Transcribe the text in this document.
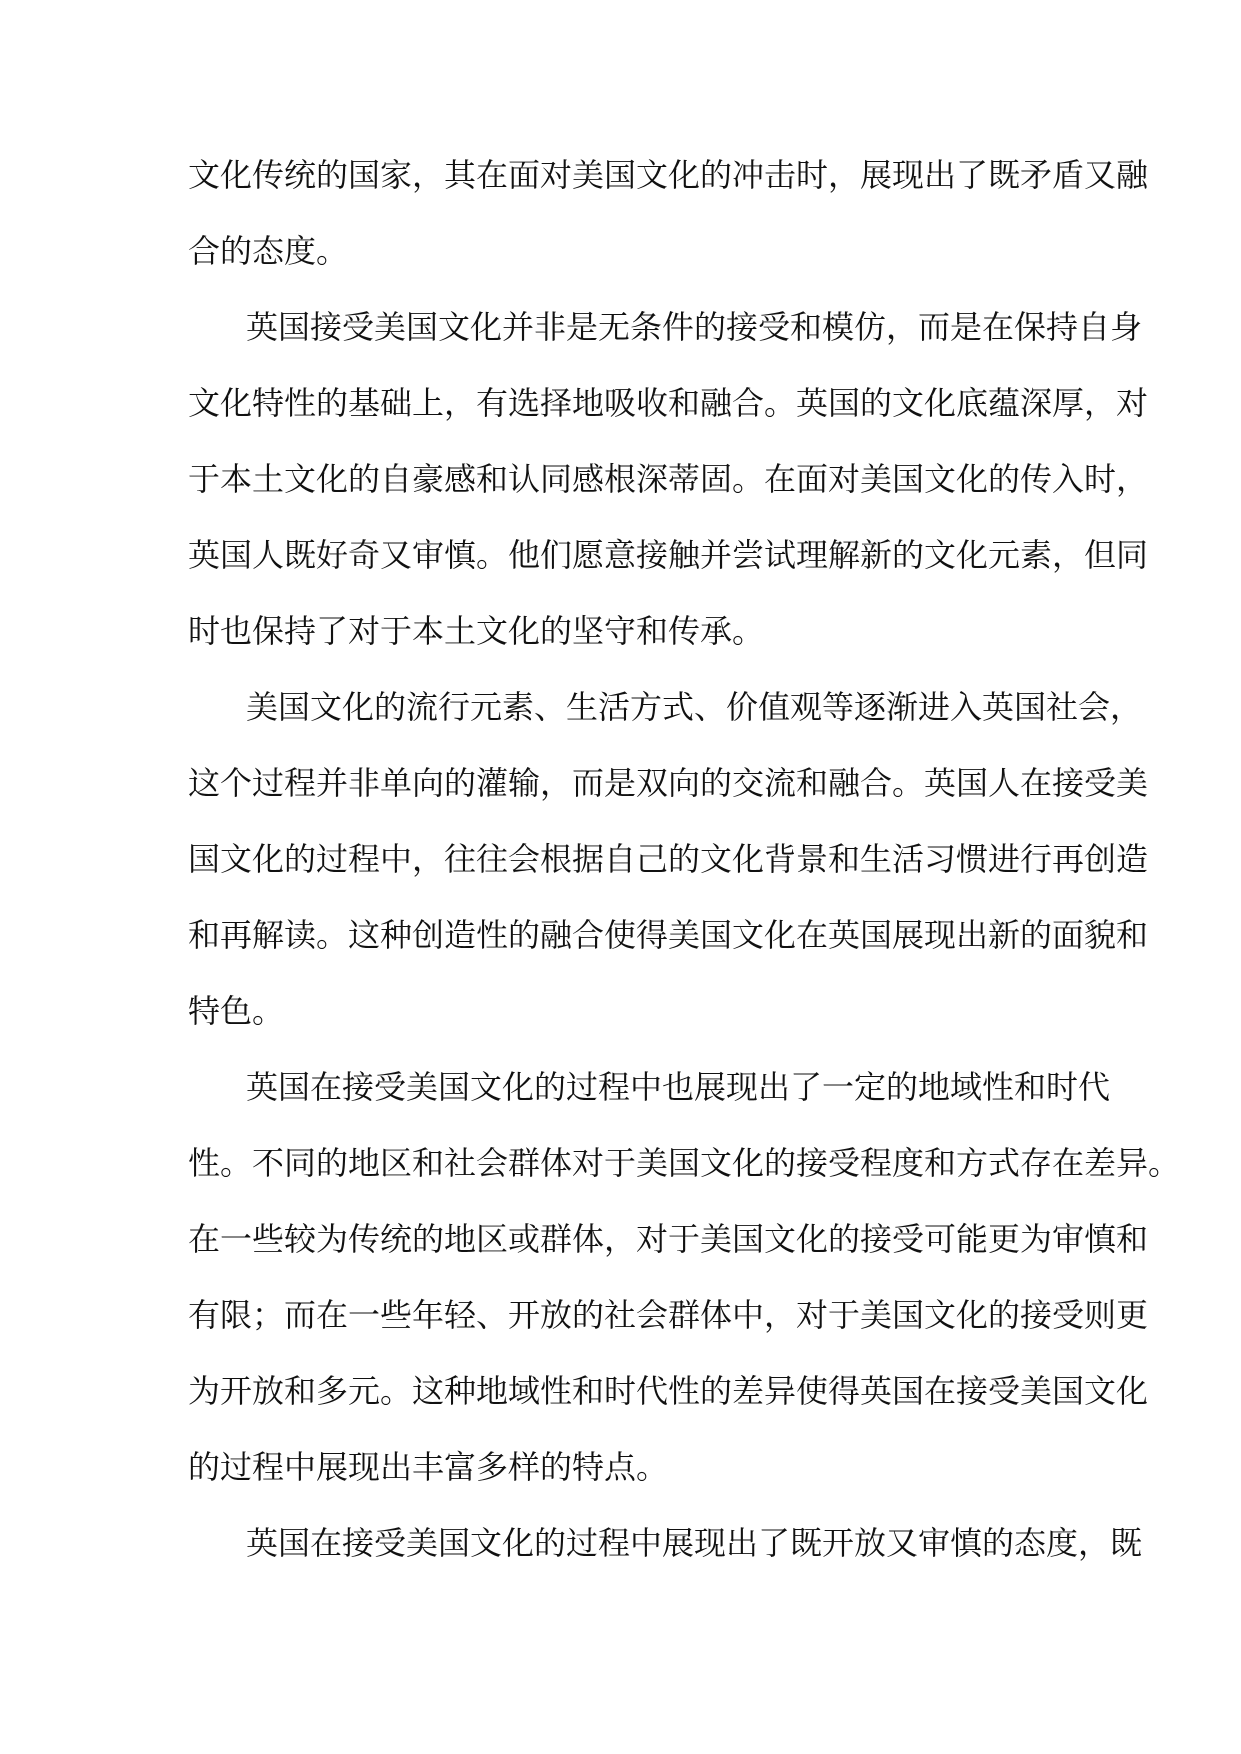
文化传统的国家，其在面对美国文化的冲击时，展现出了既矛盾又融
合的态度。
英国接受美国文化并非是无条件的接受和模仿，而是在保持自身
文化特性的基础上，有选择地吸收和融合。英国的文化底蕴深厚，对
于本土文化的自豪感和认同感根深蒂固。在面对美国文化的传入时，
英国人既好奇又审慎。他们愿意接触并尝试理解新的文化元素，但同
时也保持了对于本土文化的坚守和传承。
美国文化的流行元素、生活方式、价值观等逐渐进入英国社会，
这个过程并非单向的灌输，而是双向的交流和融合。英国人在接受美
国文化的过程中，往往会根据自己的文化背景和生活习惯进行再创造
和再解读。这种创造性的融合使得美国文化在英国展现出新的面貌和
特色。
英国在接受美国文化的过程中也展现出了一定的地域性和时代
性。不同的地区和社会群体对于美国文化的接受程度和方式存在差异。
在一些较为传统的地区或群体，对于美国文化的接受可能更为审慎和
有限；而在一些年轻、开放的社会群体中，对于美国文化的接受则更
为开放和多元。这种地域性和时代性的差异使得英国在接受美国文化
的过程中展现出丰富多样的特点。
英国在接受美国文化的过程中展现出了既开放又审慎的态度，既
